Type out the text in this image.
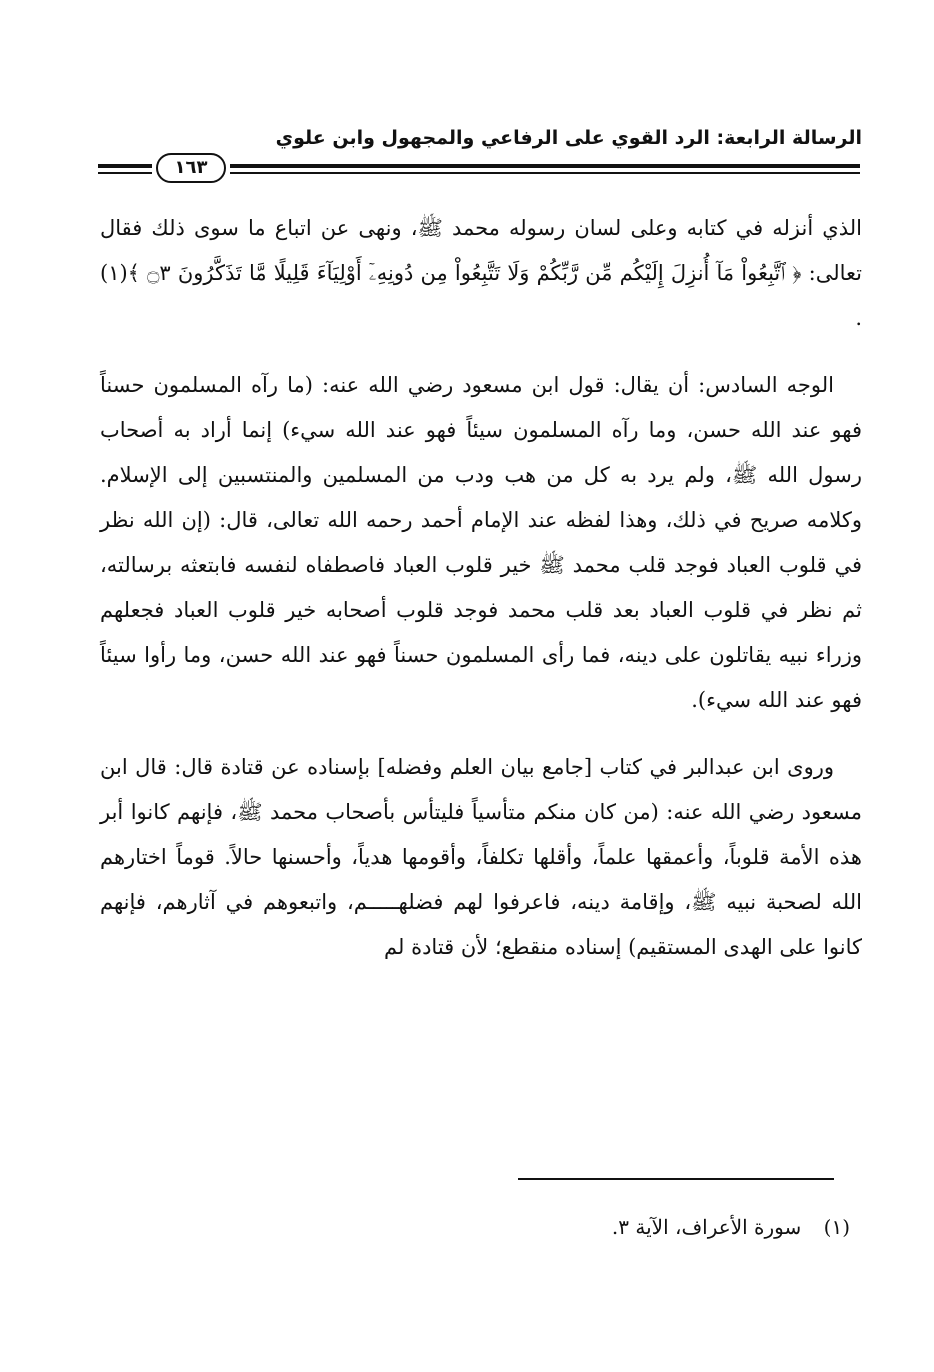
الرسالة الرابعة: الرد القوي على الرفاعي والمجهول وابن علوي
١٦٣

الذي أنزله في كتابه وعلى لسان رسوله محمد ﷺ، ونهى عن اتباع ما سوى ذلك فقال تعالى: ﴿ ٱتَّبِعُواْ مَآ أُنزِلَ إِلَيْكُم مِّن رَّبِّكُمْ وَلَا تَتَّبِعُواْ مِن دُونِهِۦٓ أَوْلِيَآءَ قَلِيلًا مَّا تَذَكَّرُونَ ۝٣ ﴾(١) .

الوجه السادس: أن يقال: قول ابن مسعود رضي الله عنه: (ما رآه المسلمون حسناً فهو عند الله حسن، وما رآه المسلمون سيئاً فهو عند الله سيء) إنما أراد به أصحاب رسول الله ﷺ، ولم يرد به كل من هب ودب من المسلمين والمنتسبين إلى الإسلام. وكلامه صريح في ذلك، وهذا لفظه عند الإمام أحمد رحمه الله تعالى، قال: (إن الله نظر في قلوب العباد فوجد قلب محمد ﷺ خير قلوب العباد فاصطفاه لنفسه فابتعثه برسالته، ثم نظر في قلوب العباد بعد قلب محمد فوجد قلوب أصحابه خير قلوب العباد فجعلهم وزراء نبيه يقاتلون على دينه، فما رأى المسلمون حسناً فهو عند الله حسن، وما رأوا سيئاً فهو عند الله سيء).

وروى ابن عبدالبر في كتاب [جامع بيان العلم وفضله] بإسناده عن قتادة قال: قال ابن مسعود رضي الله عنه: (من كان منكم متأسياً فليتأس بأصحاب محمد ﷺ، فإنهم كانوا أبر هذه الأمة قلوباً، وأعمقها علماً، وأقلها تكلفاً، وأقومها هدياً، وأحسنها حالاً. قوماً اختارهم الله لصحبة نبيه ﷺ، وإقامة دينه، فاعرفوا لهم فضلهـــــم، واتبعوهم في آثارهم، فإنهم كانوا على الهدى المستقيم) إسناده منقطع؛ لأن قتادة لم

(١) سورة الأعراف، الآية ٣.
